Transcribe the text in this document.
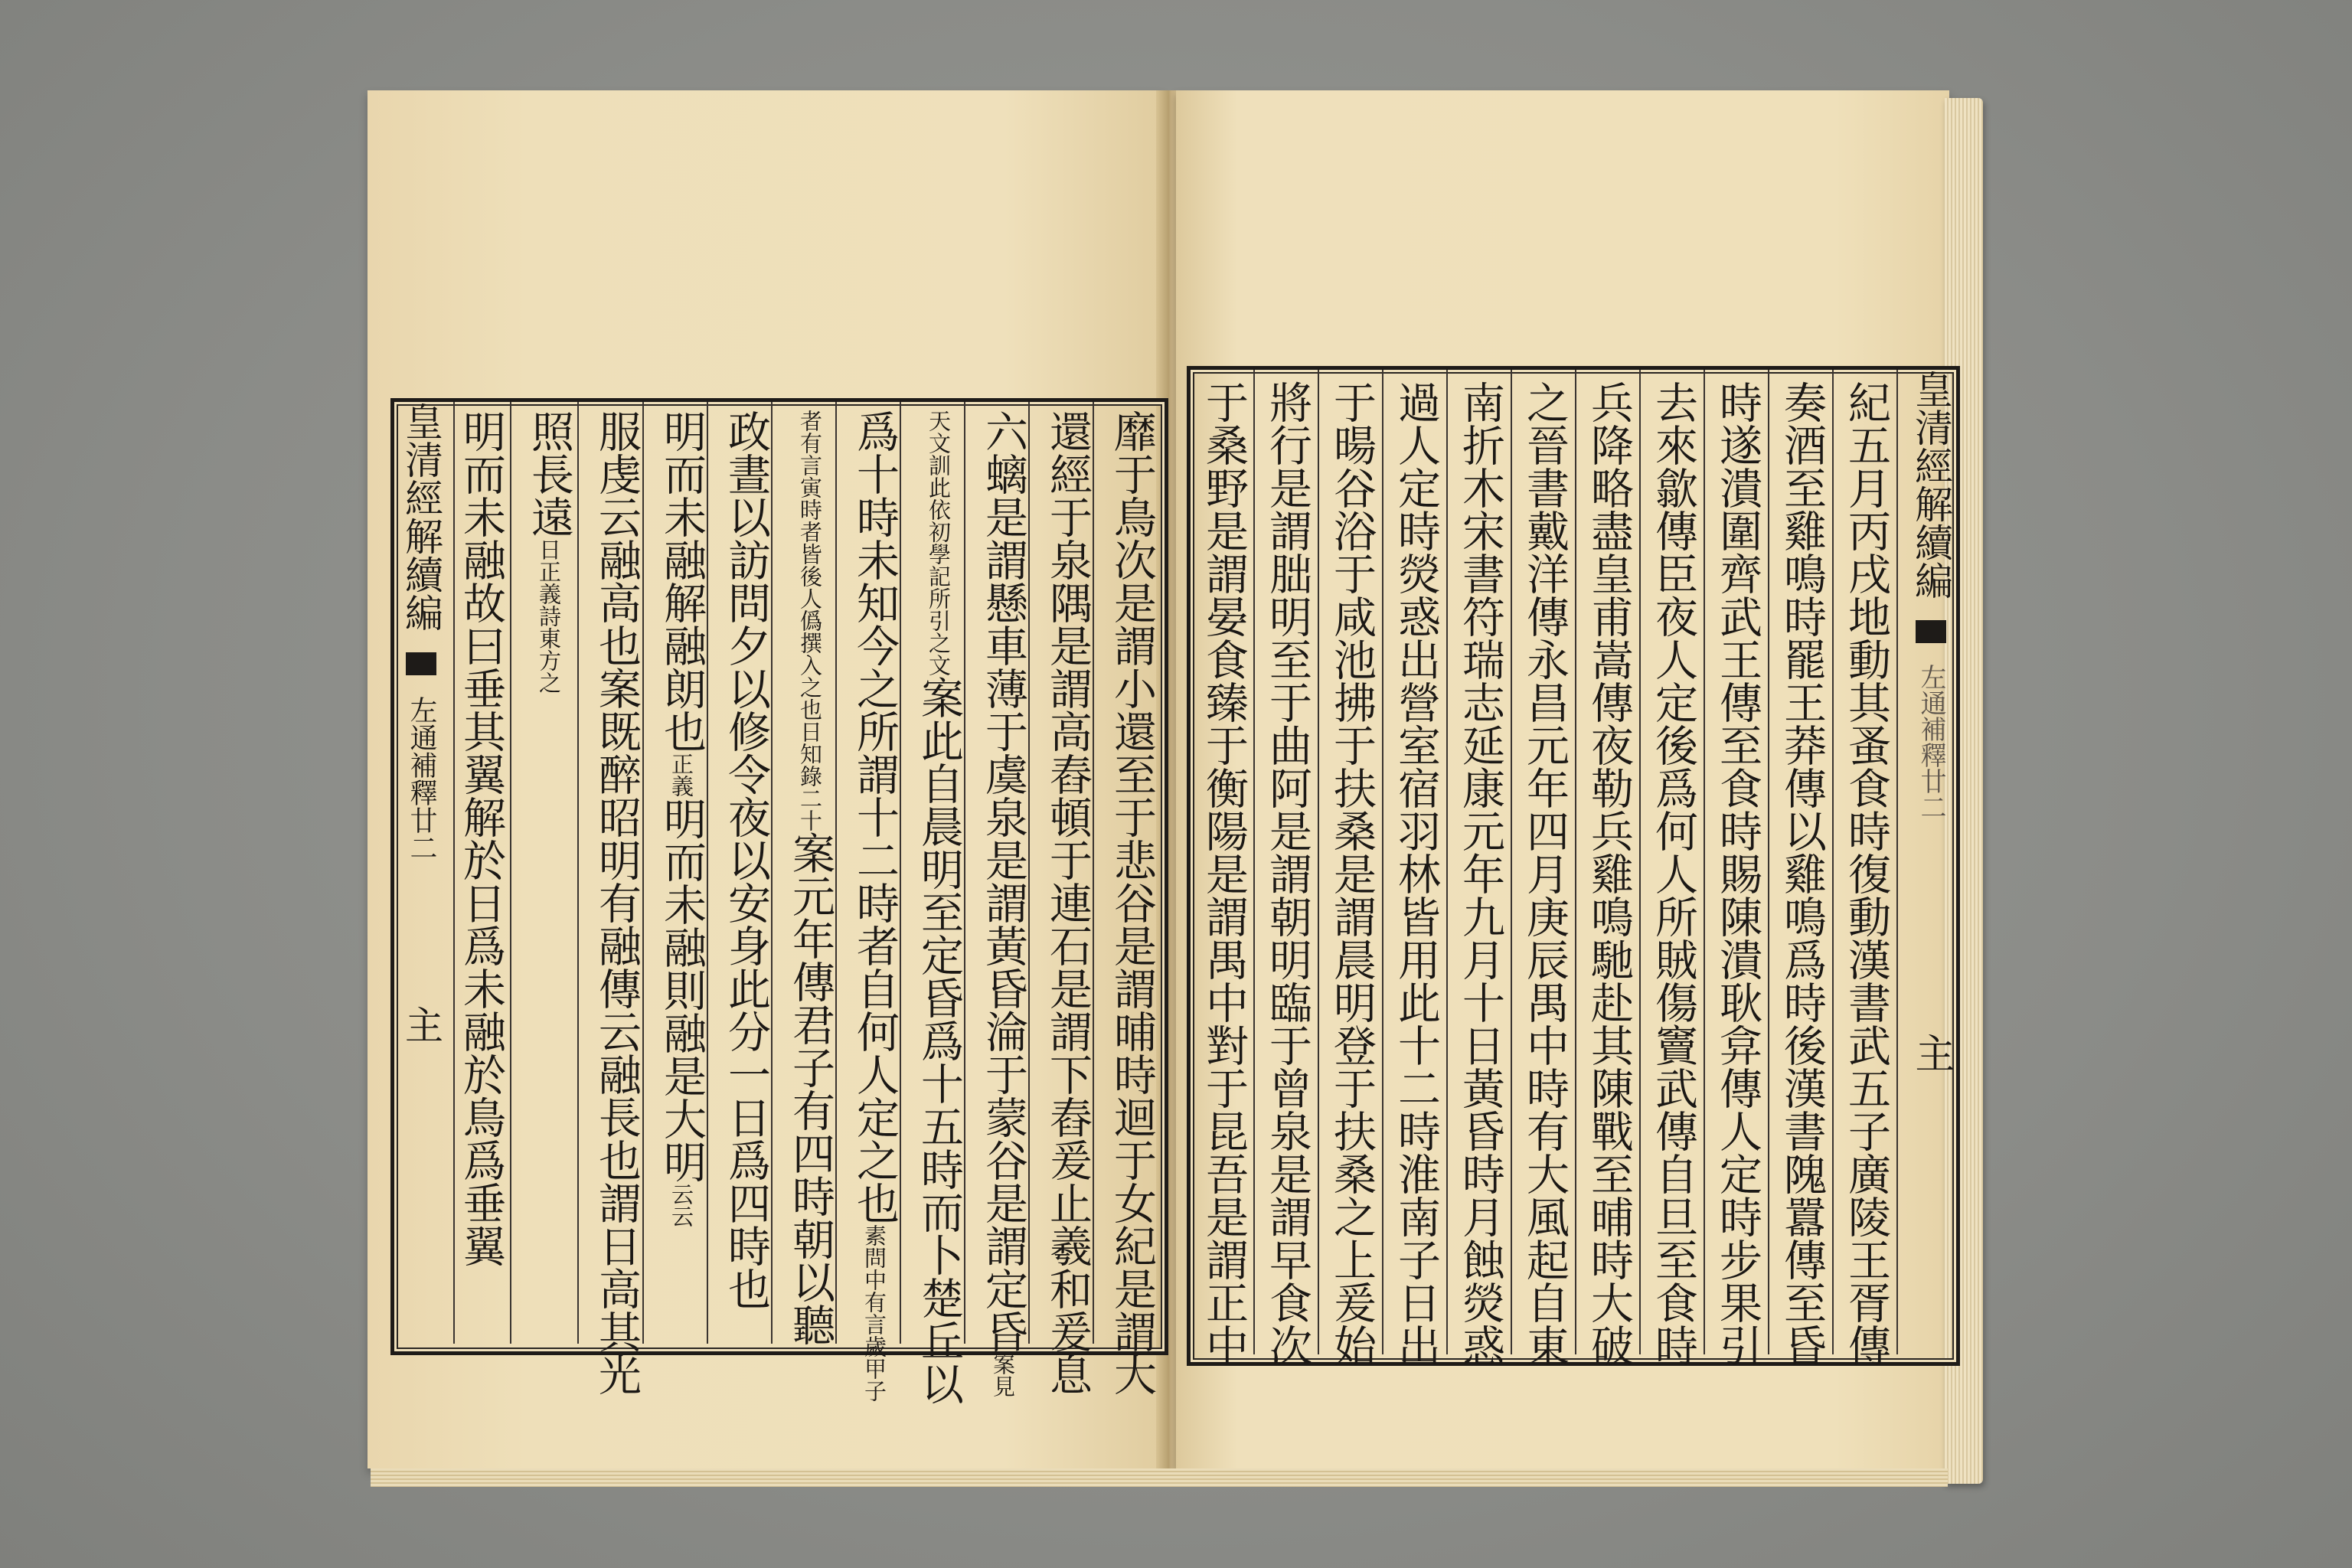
皇清經解續編  左通補釋廿二  主	靡于鳥次是謂小還至于悲谷是謂晡時迴于女紀是謂大
還經于泉隅是謂高舂頓于連石是謂下舂爰止羲和爰息
六螭是謂懸車薄于虞泉是謂黃昏淪于蒙谷是謂定昏案見
天文訓此依初學記所引之文案此自晨明至定昏爲十五時而卜楚丘以
爲十時未知今之所謂十二時者自何人定之也素問中有言歲甲子
者有言寅時者皆後人僞撰入之也日知錄二十案元年傳君子有四時朝以聽
政晝以訪問夕以修令夜以安身此分一日爲四時也
明而未融解融朗也正義明而未融則融是大明云云
服虔云融高也案既醉昭明有融傳云融長也謂日高其光
照長遠日正義詩東方之
明而未融故曰垂其翼解於日爲未融於鳥爲垂翼	紀五月丙戌地動其蚤食時復動漢書武五子廣陵王胥傳
奏酒至雞鳴時罷王莽傳以雞鳴爲時後漢書隗囂傳至昏
時遂潰圍齊武王傳至食時賜陳潰耿弇傳人定時步果引
去來歙傳臣夜人定後爲何人所賊傷竇武傳自旦至食時
兵降略盡皇甫嵩傳夜勒兵雞鳴馳赴其陳戰至晡時大破
之晉書戴洋傳永昌元年四月庚辰禺中時有大風起自東
南折木宋書符瑞志延康元年九月十日黃昏時月蝕熒惑
過人定時熒惑出營室宿羽林皆用此十二時淮南子日出
于暘谷浴于咸池拂于扶桑是謂晨明登于扶桑之上爰始
將行是謂朏明至于曲阿是謂朝明臨于曾泉是謂早食次
于桑野是謂晏食臻于衡陽是謂禺中對于昆吾是謂正中	皇清經解續編  左通補釋廿二  主
